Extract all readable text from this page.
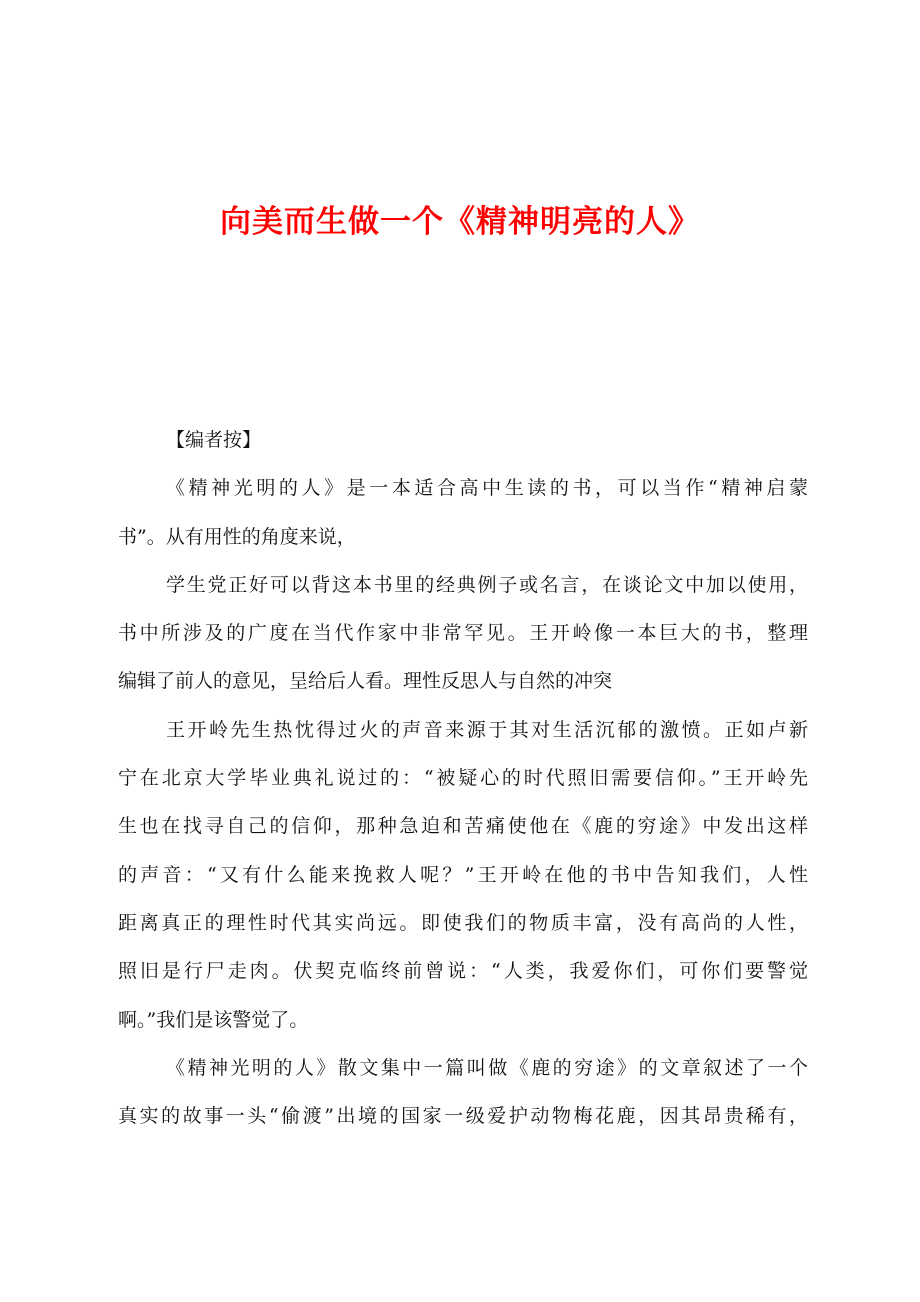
向美而生做一个《精神明亮的人》
【编者按】
《精神光明的人》是一本适合高中生读的书，可以当作“精神启蒙
书”。从有用性的角度来说，
学生党正好可以背这本书里的经典例子或名言，在谈论文中加以使用，
书中所涉及的广度在当代作家中非常罕见。王开岭像一本巨大的书，整理
编辑了前人的意见，呈给后人看。理性反思人与自然的冲突
王开岭先生热忱得过火的声音来源于其对生活沉郁的激愤。正如卢新
宁在北京大学毕业典礼说过的：“被疑心的时代照旧需要信仰。”王开岭先
生也在找寻自己的信仰，那种急迫和苦痛使他在《鹿的穷途》中发出这样
的声音：“又有什么能来挽救人呢？”王开岭在他的书中告知我们，人性
距离真正的理性时代其实尚远。即使我们的物质丰富，没有高尚的人性，
照旧是行尸走肉。伏契克临终前曾说：“人类，我爱你们，可你们要警觉
啊。”我们是该警觉了。
《精神光明的人》散文集中一篇叫做《鹿的穷途》的文章叙述了一个
真实的故事一头“偷渡”出境的国家一级爱护动物梅花鹿，因其昂贵稀有，
